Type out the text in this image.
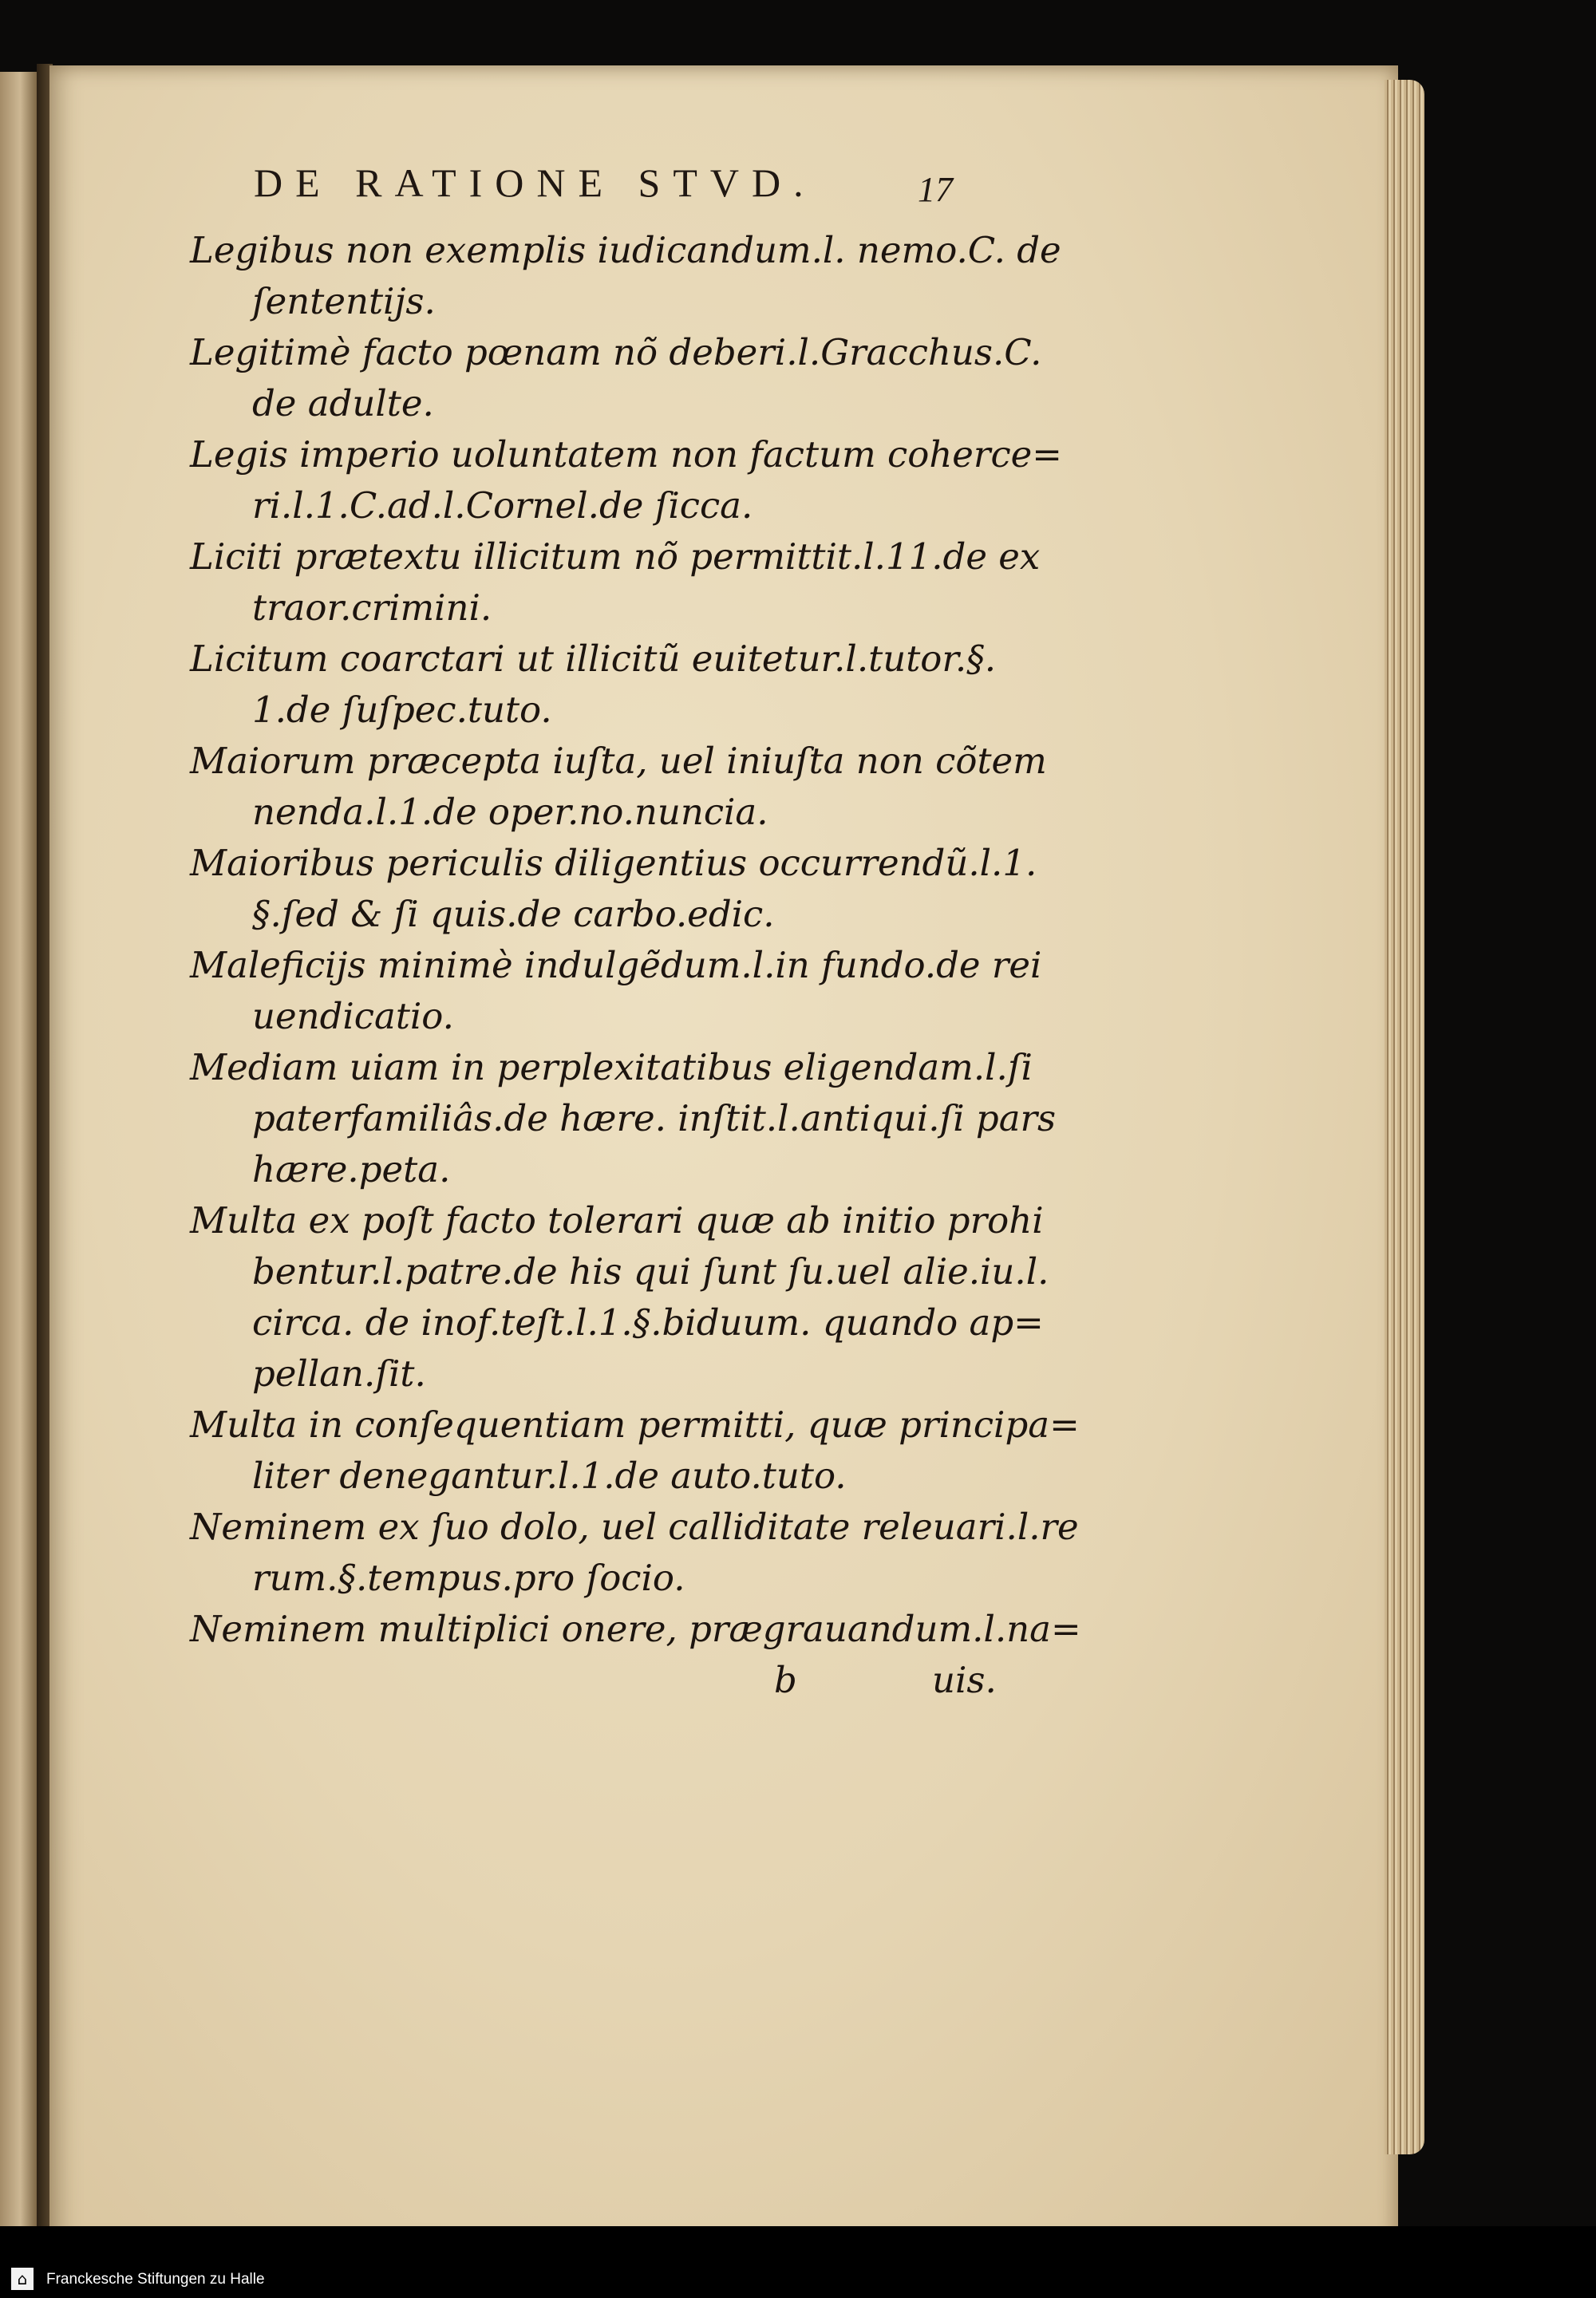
DE RATIONE STVD.	17
Legibus non exemplis iudicandum.l. nemo.C. de
ſententijs.
Legitimè facto pœnam nõ deberi.l.Gracchus.C.
de adulte.
Legis imperio uoluntatem non factum coherce=
ri.l.1.C.ad.l.Cornel.de ſicca.
Liciti prætextu illicitum nõ permittit.l.11.de ex
traor.crimini.
Licitum coarctari ut illicitũ euitetur.l.tutor.§.
1.de ſuſpec.tuto.
Maiorum præcepta iuſta, uel iniuſta non cõtem
nenda.l.1.de oper.no.nuncia.
Maioribus periculis diligentius occurrendũ.l.1.
§.ſed & ſi quis.de carbo.edic.
Maleficijs minimè indulgẽdum.l.in fundo.de rei
uendicatio.
Mediam uiam in perplexitatibus eligendam.l.ſi
paterfamiliâs.de hære. inſtit.l.antiqui.ſi pars
hære.peta.
Multa ex poſt facto tolerari quæ ab initio prohi
bentur.l.patre.de his qui ſunt ſu.uel alie.iu.l.
circa. de inof.teſt.l.1.§.biduum. quando ap=
pellan.ſit.
Multa in conſequentiam permitti, quæ principa=
liter denegantur.l.1.de auto.tuto.
Neminem ex ſuo dolo, uel calliditate releuari.l.re
rum.§.tempus.pro ſocio.
Neminem multiplici onere, prægrauandum.l.na=
b	uis.
⌂	Franckesche Stiftungen zu Halle
